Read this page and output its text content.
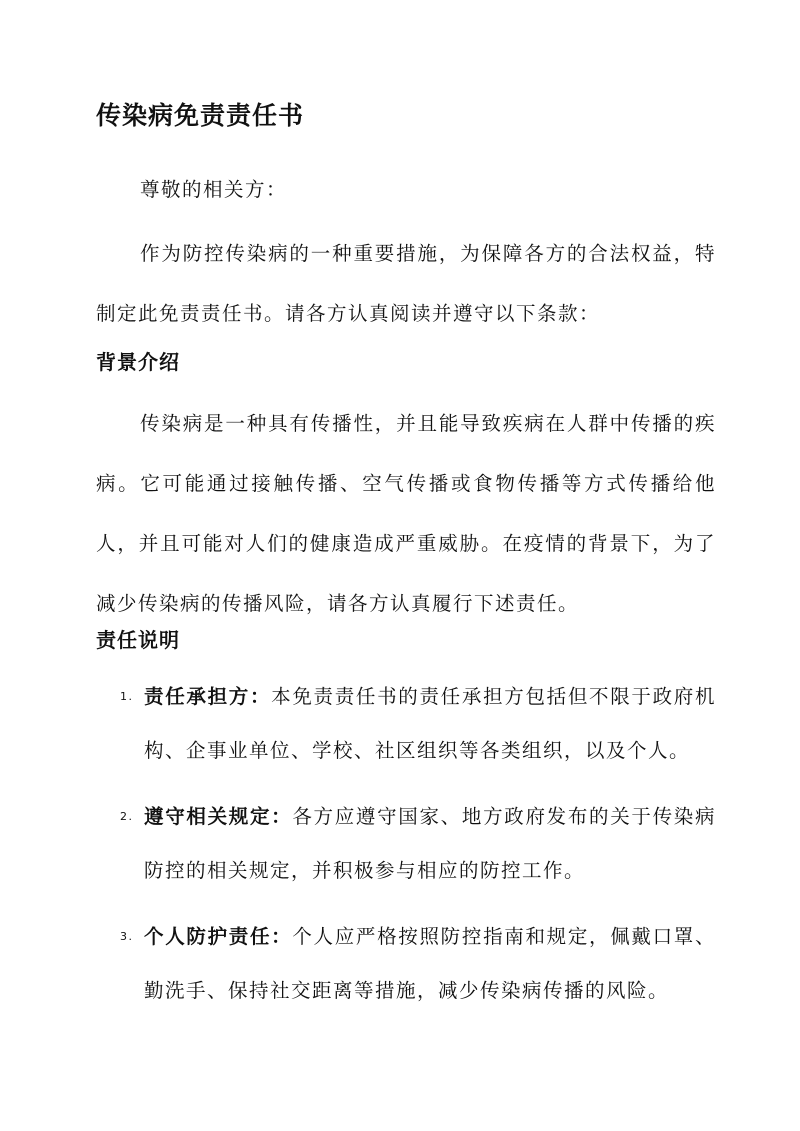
传染病免责责任书

尊敬的相关方：

作为防控传染病的一种重要措施，为保障各方的合法权益，特制定此免责责任书。请各方认真阅读并遵守以下条款：

背景介绍

传染病是一种具有传播性，并且能导致疾病在人群中传播的疾病。它可能通过接触传播、空气传播或食物传播等方式传播给他人，并且可能对人们的健康造成严重威胁。在疫情的背景下，为了减少传染病的传播风险，请各方认真履行下述责任。

责任说明
1. 责任承担方：本免责责任书的责任承担方包括但不限于政府机构、企事业单位、学校、社区组织等各类组织，以及个人。
2. 遵守相关规定：各方应遵守国家、地方政府发布的关于传染病防控的相关规定，并积极参与相应的防控工作。
3. 个人防护责任：个人应严格按照防控指南和规定，佩戴口罩、勤洗手、保持社交距离等措施，减少传染病传播的风险。
